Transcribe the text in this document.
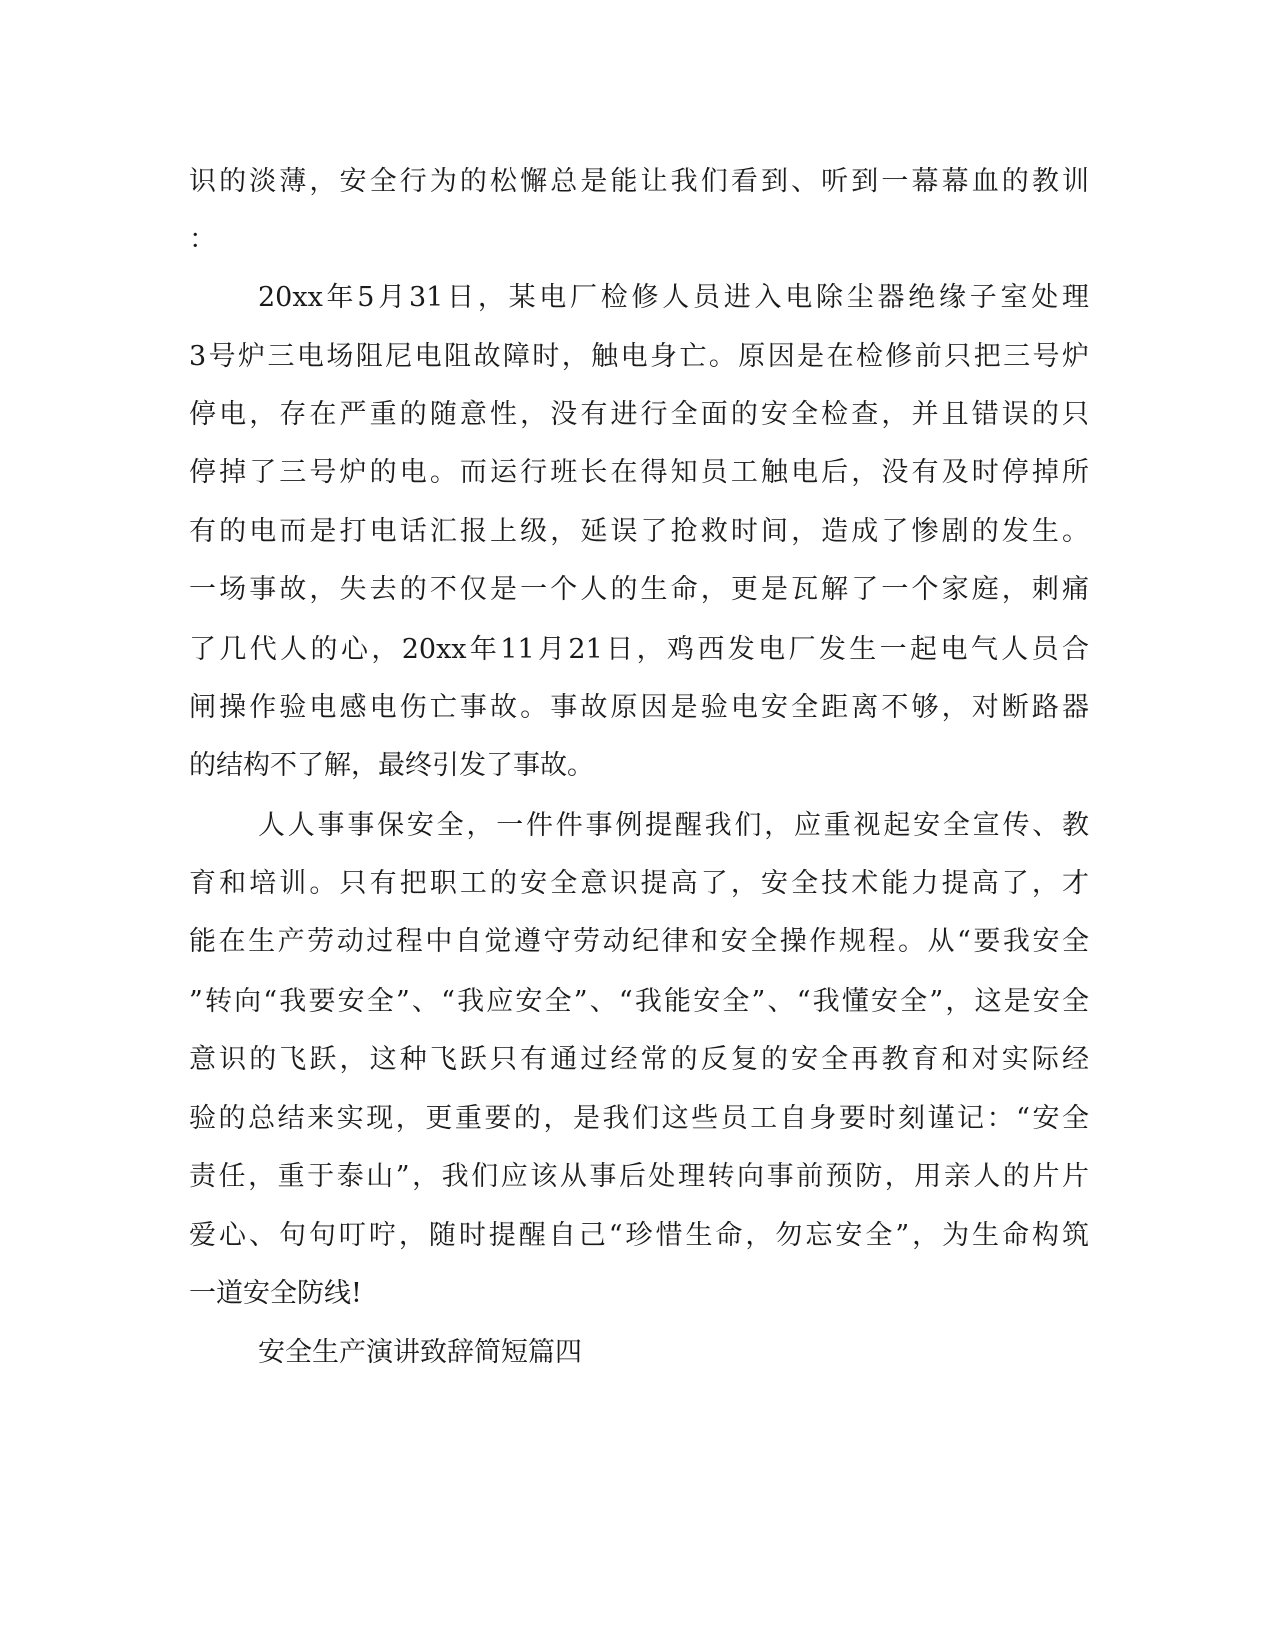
识的淡薄，安全行为的松懈总是能让我们看到、听到一幕幕血的教训
：
20xx年5月31日，某电厂检修人员进入电除尘器绝缘子室处理
3号炉三电场阻尼电阻故障时，触电身亡。原因是在检修前只把三号炉
停电，存在严重的随意性，没有进行全面的安全检查，并且错误的只
停掉了三号炉的电。而运行班长在得知员工触电后，没有及时停掉所
有的电而是打电话汇报上级，延误了抢救时间，造成了惨剧的发生。
一场事故，失去的不仅是一个人的生命，更是瓦解了一个家庭，刺痛
了几代人的心，20xx年11月21日，鸡西发电厂发生一起电气人员合
闸操作验电感电伤亡事故。事故原因是验电安全距离不够，对断路器
的结构不了解，最终引发了事故。
人人事事保安全，一件件事例提醒我们，应重视起安全宣传、教
育和培训。只有把职工的安全意识提高了，安全技术能力提高了，才
能在生产劳动过程中自觉遵守劳动纪律和安全操作规程。从“要我安全
”转向“我要安全”、“我应安全”、“我能安全”、“我懂安全”，这是安全
意识的飞跃，这种飞跃只有通过经常的反复的安全再教育和对实际经
验的总结来实现，更重要的，是我们这些员工自身要时刻谨记：“安全
责任，重于泰山”，我们应该从事后处理转向事前预防，用亲人的片片
爱心、句句叮咛，随时提醒自己“珍惜生命，勿忘安全”，为生命构筑
一道安全防线!
安全生产演讲致辞简短篇四
